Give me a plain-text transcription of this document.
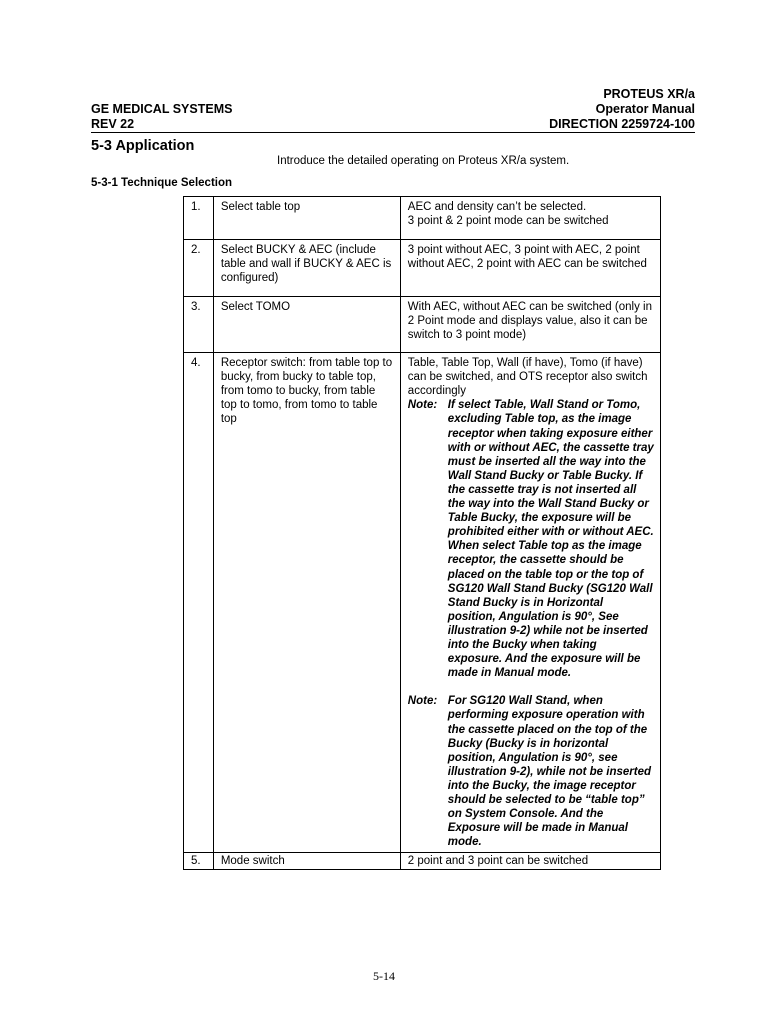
PROTEUS XR/a
GE MEDICAL SYSTEMS	Operator Manual
REV 22	DIRECTION 2259724-100
5-3 Application
Introduce the detailed operating on Proteus XR/a system.
5-3-1 Technique Selection
1.	Select table top	AEC and density can’t be selected.
3 point & 2 point mode can be switched
2.	Select BUCKY & AEC (include table and wall if BUCKY & AEC is configured)	3 point without AEC, 3 point with AEC, 2 point without AEC, 2 point with AEC can be switched
3.	Select TOMO	With AEC, without AEC can be switched (only in 2 Point mode and displays value, also it can be switch to 3 point mode)
4.	Receptor switch: from table top to bucky, from bucky to table top, from tomo to bucky, from table top to tomo, from tomo to table top	Table, Table Top, Wall (if have), Tomo (if have) can be switched, and OTS receptor also switch accordingly
Note: If select Table, Wall Stand or Tomo, excluding Table top, as the image receptor when taking exposure either with or without AEC, the cassette tray must be inserted all the way into the Wall Stand Bucky or Table Bucky. If the cassette tray is not inserted all the way into the Wall Stand Bucky or Table Bucky, the exposure will be prohibited either with or without AEC. When select Table top as the image receptor, the cassette should be placed on the table top or the top of SG120 Wall Stand Bucky (SG120 Wall Stand Bucky is in Horizontal position, Angulation is 90°, See illustration 9-2) while not be inserted into the Bucky when taking exposure. And the exposure will be made in Manual mode.
Note: For SG120 Wall Stand, when performing exposure operation with the cassette placed on the top of the Bucky (Bucky is in horizontal position, Angulation is 90°, see illustration 9-2), while not be inserted into the Bucky, the image receptor should be selected to be “table top” on System Console. And the Exposure will be made in Manual mode.

5.	Mode switch	2 point and 3 point can be switched
5-14
